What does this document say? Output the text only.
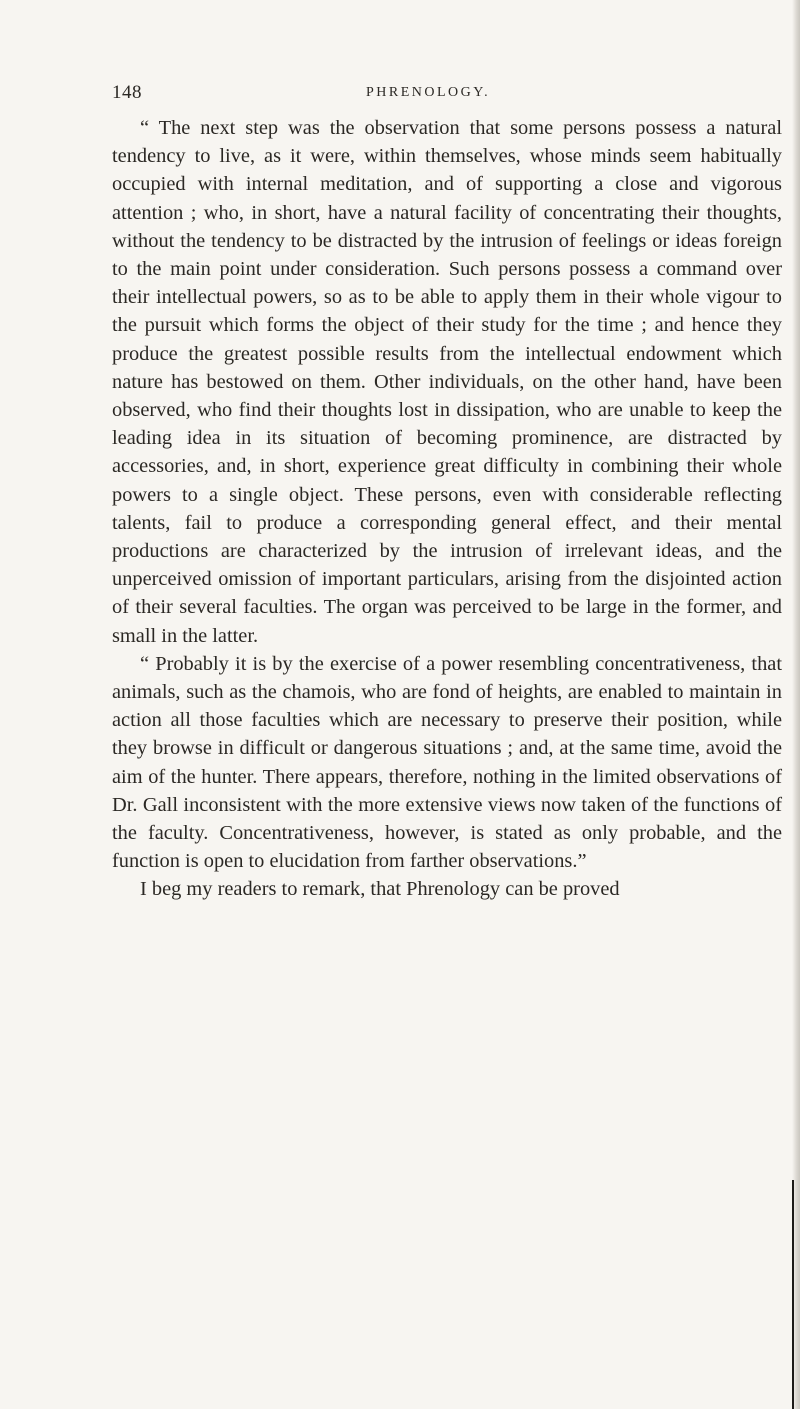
148	PHRENOLOGY.

“ The next step was the observation that some persons possess a natural tendency to live, as it were, within themselves, whose minds seem habitually occupied with internal meditation, and of supporting a close and vigorous attention ; who, in short, have a natural facility of concentrating their thoughts, without the tendency to be distracted by the intrusion of feelings or ideas foreign to the main point under consideration. Such persons possess a command over their intellectual powers, so as to be able to apply them in their whole vigour to the pursuit which forms the object of their study for the time ; and hence they produce the greatest possible results from the intellectual endowment which nature has bestowed on them. Other individuals, on the other hand, have been observed, who find their thoughts lost in dissipation, who are unable to keep the leading idea in its situation of becoming prominence, are distracted by accessories, and, in short, experience great difficulty in combining their whole powers to a single object. These persons, even with considerable reflecting talents, fail to produce a corresponding general effect, and their mental productions are characterized by the intrusion of irrelevant ideas, and the unperceived omission of important particulars, arising from the disjointed action of their several faculties. The organ was perceived to be large in the former, and small in the latter.

“ Probably it is by the exercise of a power resembling concentrativeness, that animals, such as the chamois, who are fond of heights, are enabled to maintain in action all those faculties which are necessary to preserve their position, while they browse in difficult or dangerous situations ; and, at the same time, avoid the aim of the hunter. There appears, therefore, nothing in the limited observations of Dr. Gall inconsistent with the more extensive views now taken of the functions of the faculty. Concentrativeness, however, is stated as only probable, and the function is open to elucidation from farther observations.”

I beg my readers to remark, that Phrenology can be proved
